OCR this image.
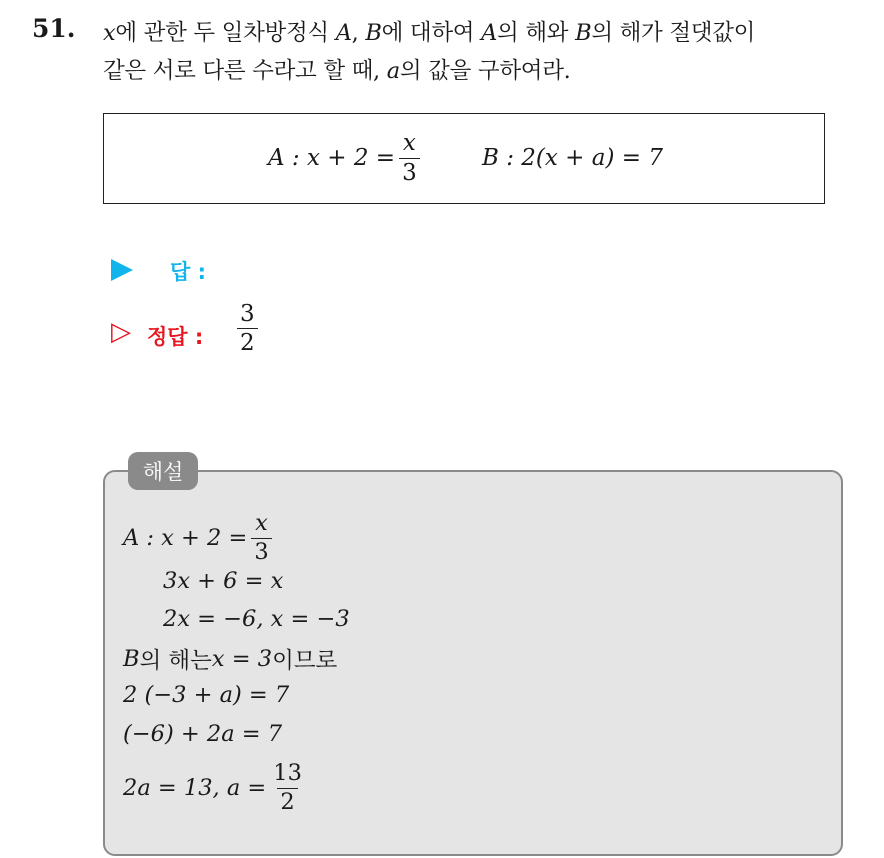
51. x에 관한 두 일차방정식 A, B에 대하여 A의 해와 B의 해가 절댓값이
같은 서로 다른 수라고 할 때, a의 값을 구하여라.
A : $x + 2 = \frac{x}{3}$	B : 2(x + a) = 7
답 :
▷ 정답 : $\frac{3}{2}$
A : $x + 2 = \frac{x}{3}$
3x + 6 = x
2x = −6, x = −3
B 의 해는 x = 3 이므로
2 (−3 + a) = 7
(−6) + 2a = 7
2a = 13, $a = \frac{13}{2}$
해설
